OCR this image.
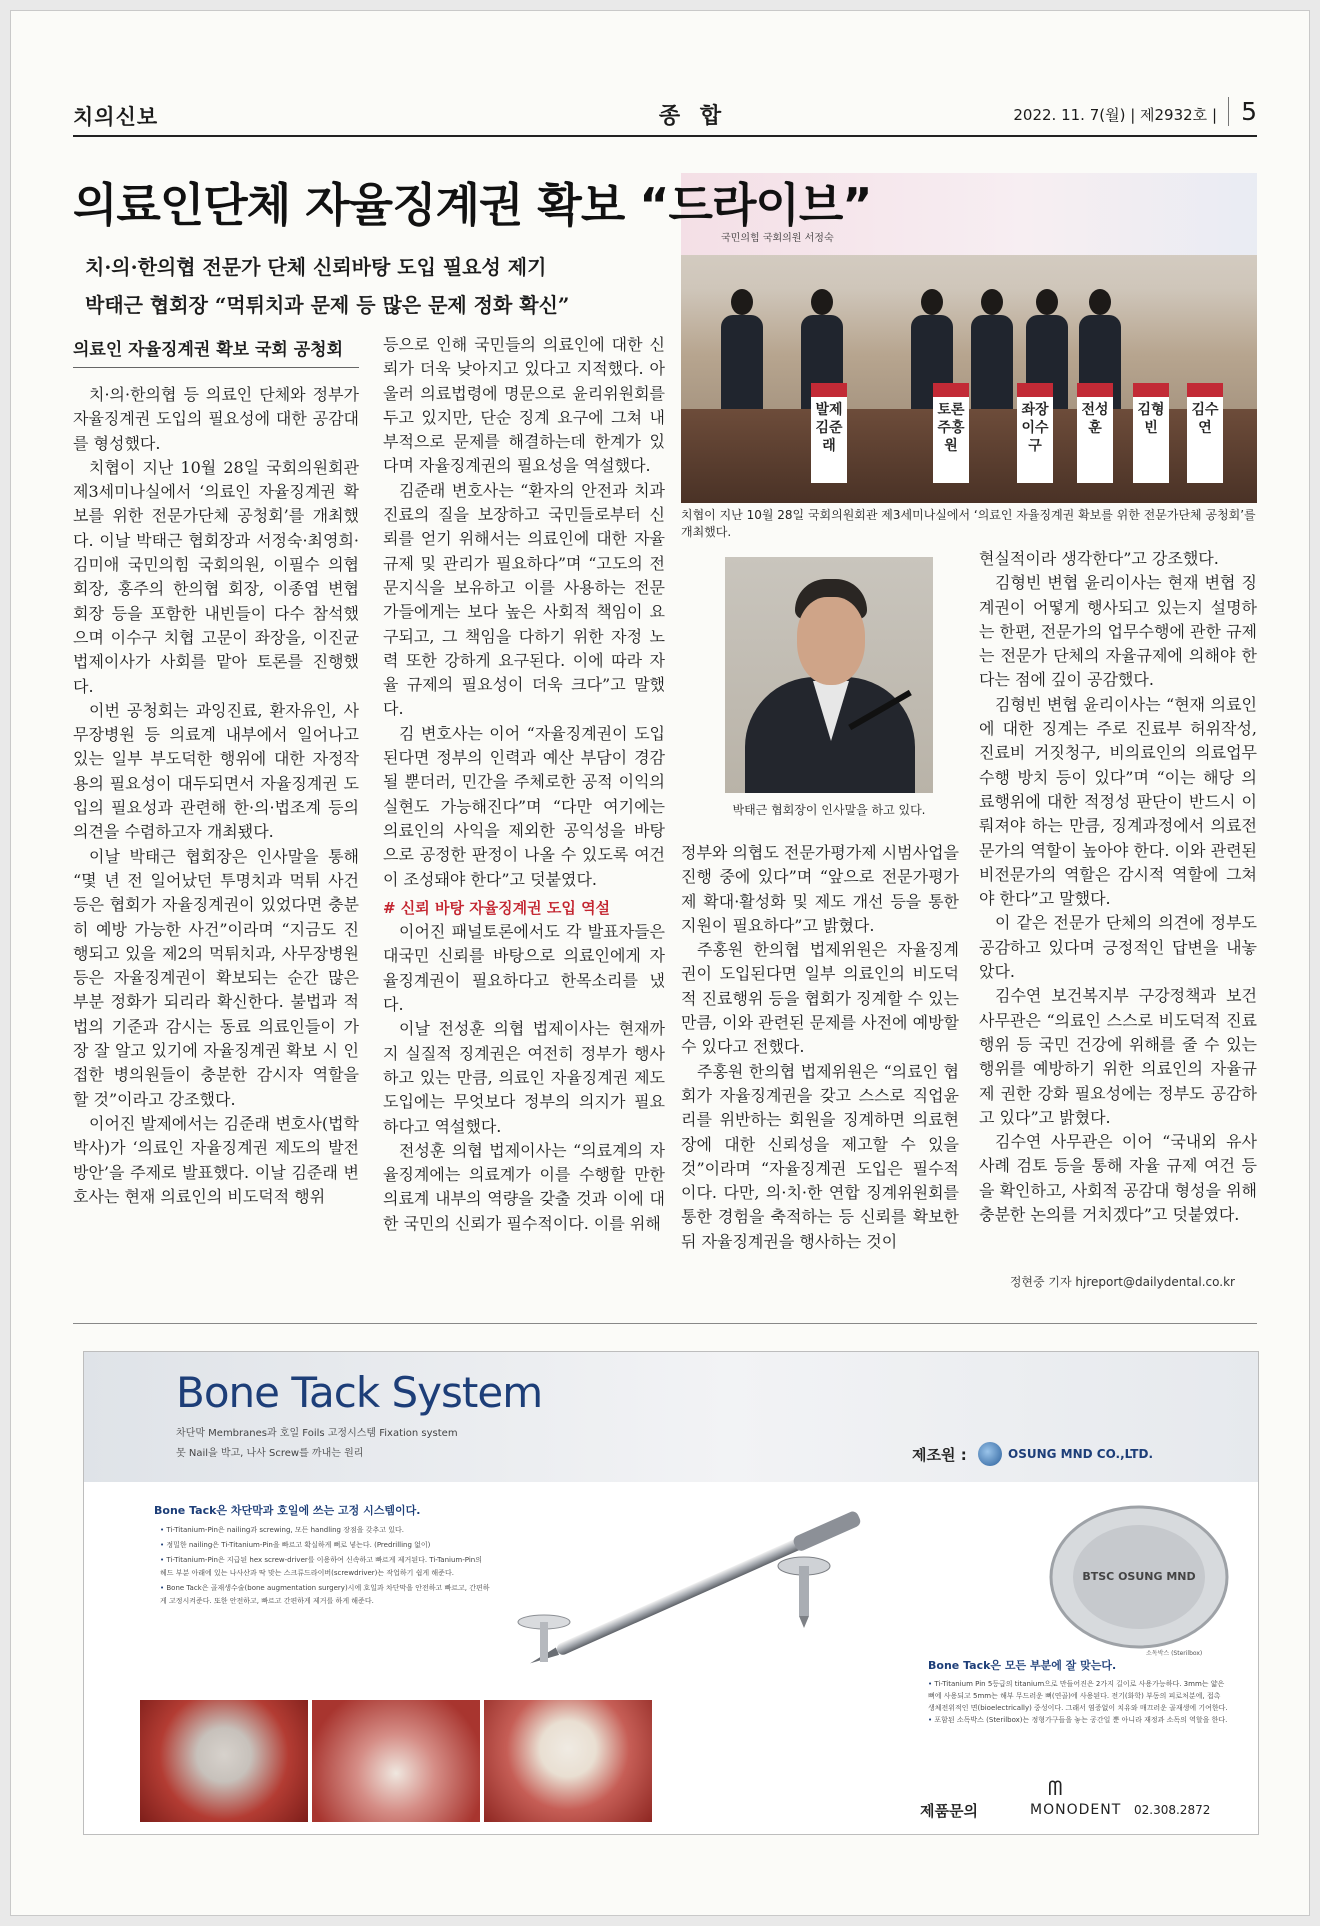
치의신보	종 합	2022. 11. 7(월) | 제2932호 | 5
의료인단체 자율징계권 확보 “드라이브”
치·의·한의협 전문가 단체 신뢰바탕 도입 필요성 제기
박태근 협회장 “먹튀치과 문제 등 많은 문제 정화 확신”
국민의힘 국회의원 서정숙
발제 김준래
토론 주홍원
좌장 이수구
전성훈
김형빈
김수연
치협이 지난 10월 28일 국회의원회관 제3세미나실에서 ‘의료인 자율징계권 확보를 위한 전문가단체 공청회’를 개최했다.
박태근 협회장이 인사말을 하고 있다.
의료인 자율징계권 확보 국회 공청회

치·의·한의협 등 의료인 단체와 정부가 자율징계권 도입의 필요성에 대한 공감대를 형성했다.

치협이 지난 10월 28일 국회의원회관 제3세미나실에서 ‘의료인 자율징계권 확보를 위한 전문가단체 공청회’를 개최했다. 이날 박태근 협회장과 서정숙·최영희·김미애 국민의힘 국회의원, 이필수 의협 회장, 홍주의 한의협 회장, 이종엽 변협 회장 등을 포함한 내빈들이 다수 참석했으며 이수구 치협 고문이 좌장을, 이진균 법제이사가 사회를 맡아 토론를 진행했다.

이번 공청회는 과잉진료, 환자유인, 사무장병원 등 의료계 내부에서 일어나고 있는 일부 부도덕한 행위에 대한 자정작용의 필요성이 대두되면서 자율징계권 도입의 필요성과 관련해 한·의·법조계 등의 의견을 수렴하고자 개최됐다.

이날 박태근 협회장은 인사말을 통해 “몇 년 전 일어났던 투명치과 먹튀 사건 등은 협회가 자율징계권이 있었다면 충분히 예방 가능한 사건”이라며 “지금도 진행되고 있을 제2의 먹튀치과, 사무장병원 등은 자율징계권이 확보되는 순간 많은 부분 정화가 되리라 확신한다. 불법과 적법의 기준과 감시는 동료 의료인들이 가장 잘 알고 있기에 자율징계권 확보 시 인접한 병의원들이 충분한 감시자 역할을 할 것”이라고 강조했다.

이어진 발제에서는 김준래 변호사(법학박사)가 ‘의료인 자율징계권 제도의 발전방안’을 주제로 발표했다. 이날 김준래 변호사는 현재 의료인의 비도덕적 행위

등으로 인해 국민들의 의료인에 대한 신뢰가 더욱 낮아지고 있다고 지적했다. 아울러 의료법령에 명문으로 윤리위원회를 두고 있지만, 단순 징계 요구에 그쳐 내부적으로 문제를 해결하는데 한계가 있다며 자율징계권의 필요성을 역설했다.

김준래 변호사는 “환자의 안전과 치과진료의 질을 보장하고 국민들로부터 신뢰를 얻기 위해서는 의료인에 대한 자율규제 및 관리가 필요하다”며 “고도의 전문지식을 보유하고 이를 사용하는 전문가들에게는 보다 높은 사회적 책임이 요구되고, 그 책임을 다하기 위한 자정 노력 또한 강하게 요구된다. 이에 따라 자율 규제의 필요성이 더욱 크다”고 말했다.

김 변호사는 이어 “자율징계권이 도입된다면 정부의 인력과 예산 부담이 경감될 뿐더러, 민간을 주체로한 공적 이익의 실현도 가능해진다”며 “다만 여기에는 의료인의 사익을 제외한 공익성을 바탕으로 공정한 판정이 나올 수 있도록 여건이 조성돼야 한다”고 덧붙였다.

# 신뢰 바탕 자율징계권 도입 역설

이어진 패널토론에서도 각 발표자들은 대국민 신뢰를 바탕으로 의료인에게 자율징계권이 필요하다고 한목소리를 냈다.

이날 전성훈 의협 법제이사는 현재까지 실질적 징계권은 여전히 정부가 행사하고 있는 만큼, 의료인 자율징계권 제도 도입에는 무엇보다 정부의 의지가 필요하다고 역설했다.

전성훈 의협 법제이사는 “의료계의 자율징계에는 의료계가 이를 수행할 만한 의료계 내부의 역량을 갖출 것과 이에 대한 국민의 신뢰가 필수적이다. 이를 위해

정부와 의협도 전문가평가제 시범사업을 진행 중에 있다”며 “앞으로 전문가평가제 확대·활성화 및 제도 개선 등을 통한 지원이 필요하다”고 밝혔다.

주홍원 한의협 법제위원은 자율징계권이 도입된다면 일부 의료인의 비도덕적 진료행위 등을 협회가 징계할 수 있는 만큼, 이와 관련된 문제를 사전에 예방할 수 있다고 전했다.

주홍원 한의협 법제위원은 “의료인 협회가 자율징계권을 갖고 스스로 직업윤리를 위반하는 회원을 징계하면 의료현장에 대한 신뢰성을 제고할 수 있을 것”이라며 “자율징계권 도입은 필수적이다. 다만, 의·치·한 연합 징계위원회를 통한 경험을 축적하는 등 신뢰를 확보한 뒤 자율징계권을 행사하는 것이

현실적이라 생각한다”고 강조했다.

김형빈 변협 윤리이사는 현재 변협 징계권이 어떻게 행사되고 있는지 설명하는 한편, 전문가의 업무수행에 관한 규제는 전문가 단체의 자율규제에 의해야 한다는 점에 깊이 공감했다.

김형빈 변협 윤리이사는 “현재 의료인에 대한 징계는 주로 진료부 허위작성, 진료비 거짓청구, 비의료인의 의료업무 수행 방치 등이 있다”며 “이는 해당 의료행위에 대한 적정성 판단이 반드시 이뤄져야 하는 만큼, 징계과정에서 의료전문가의 역할이 높아야 한다. 이와 관련된 비전문가의 역할은 감시적 역할에 그쳐야 한다”고 말했다.

이 같은 전문가 단체의 의견에 정부도 공감하고 있다며 긍정적인 답변을 내놓았다.

김수연 보건복지부 구강정책과 보건사무관은 “의료인 스스로 비도덕적 진료행위 등 국민 건강에 위해를 줄 수 있는 행위를 예방하기 위한 의료인의 자율규제 권한 강화 필요성에는 정부도 공감하고 있다”고 밝혔다.

김수연 사무관은 이어 “국내외 유사 사례 검토 등을 통해 자율 규제 여건 등을 확인하고, 사회적 공감대 형성을 위해 충분한 논의를 거치겠다”고 덧붙였다.

정현중 기자 hjreport@dailydental.co.kr
Bone Tack System
차단막 Membranes과 호일 Foils 고정시스템 Fixation system
못 Nail을 박고, 나사 Screw를 까내는 원리	제조원 :	OSUNG MND CO.,LTD.
Bone Tack은 차단막과 호일에 쓰는 고정 시스템이다.
• Ti-Titanium-Pin은 nailing과 screwing, 모든 handling 장점을 갖추고 있다.
• 정밀한 nailing은 Ti-Titanium-Pin을 빠르고 확실하게 뼈로 넣는다. (Predrilling 없이)
• Ti-Titanium-Pin은 지급된 hex screw-driver를 이용하여 신속하고 빠르게 제거된다. Ti-Tanium-Pin의 헤드 부분 아래에 있는 나사산과 딱 맞는 스크류드라이버(screwdriver)는 작업하기 쉽게 해준다.
• Bone Tack은 골재생수술(bone augmentation surgery)시에 호일과 차단막을 안전하고 빠르고, 간편하게 고정시켜준다. 또한 안전하고, 빠르고 간편하게 제거를 하게 해준다.
BTSC OSUNG MND
소독박스 (Sterilbox)
Bone Tack은 모든 부분에 잘 맞는다.
• Ti-Titanium Pin 5등급의 titanium으로 만들어진은 2가지 길이로 사용가능하다. 3mm는 얇은 뼈에 사용되고 5mm는 해부 무드러운 뼈(연골)에 사용된다. 전기(화학) 부동의 피로처분에, 접촉 생체전위적인 면(bioelectrically) 중성이다. 그래서 염증없이 치유와 매끄러운 골재생에 기여한다.
• 포함된 소독박스 (Sterilbox)는 정형가구들을 놓는 공간일 뿐 아니라 재정과 소독의 역할을 한다.
제품문의
ᗰ
MONODENT 02.308.2872
